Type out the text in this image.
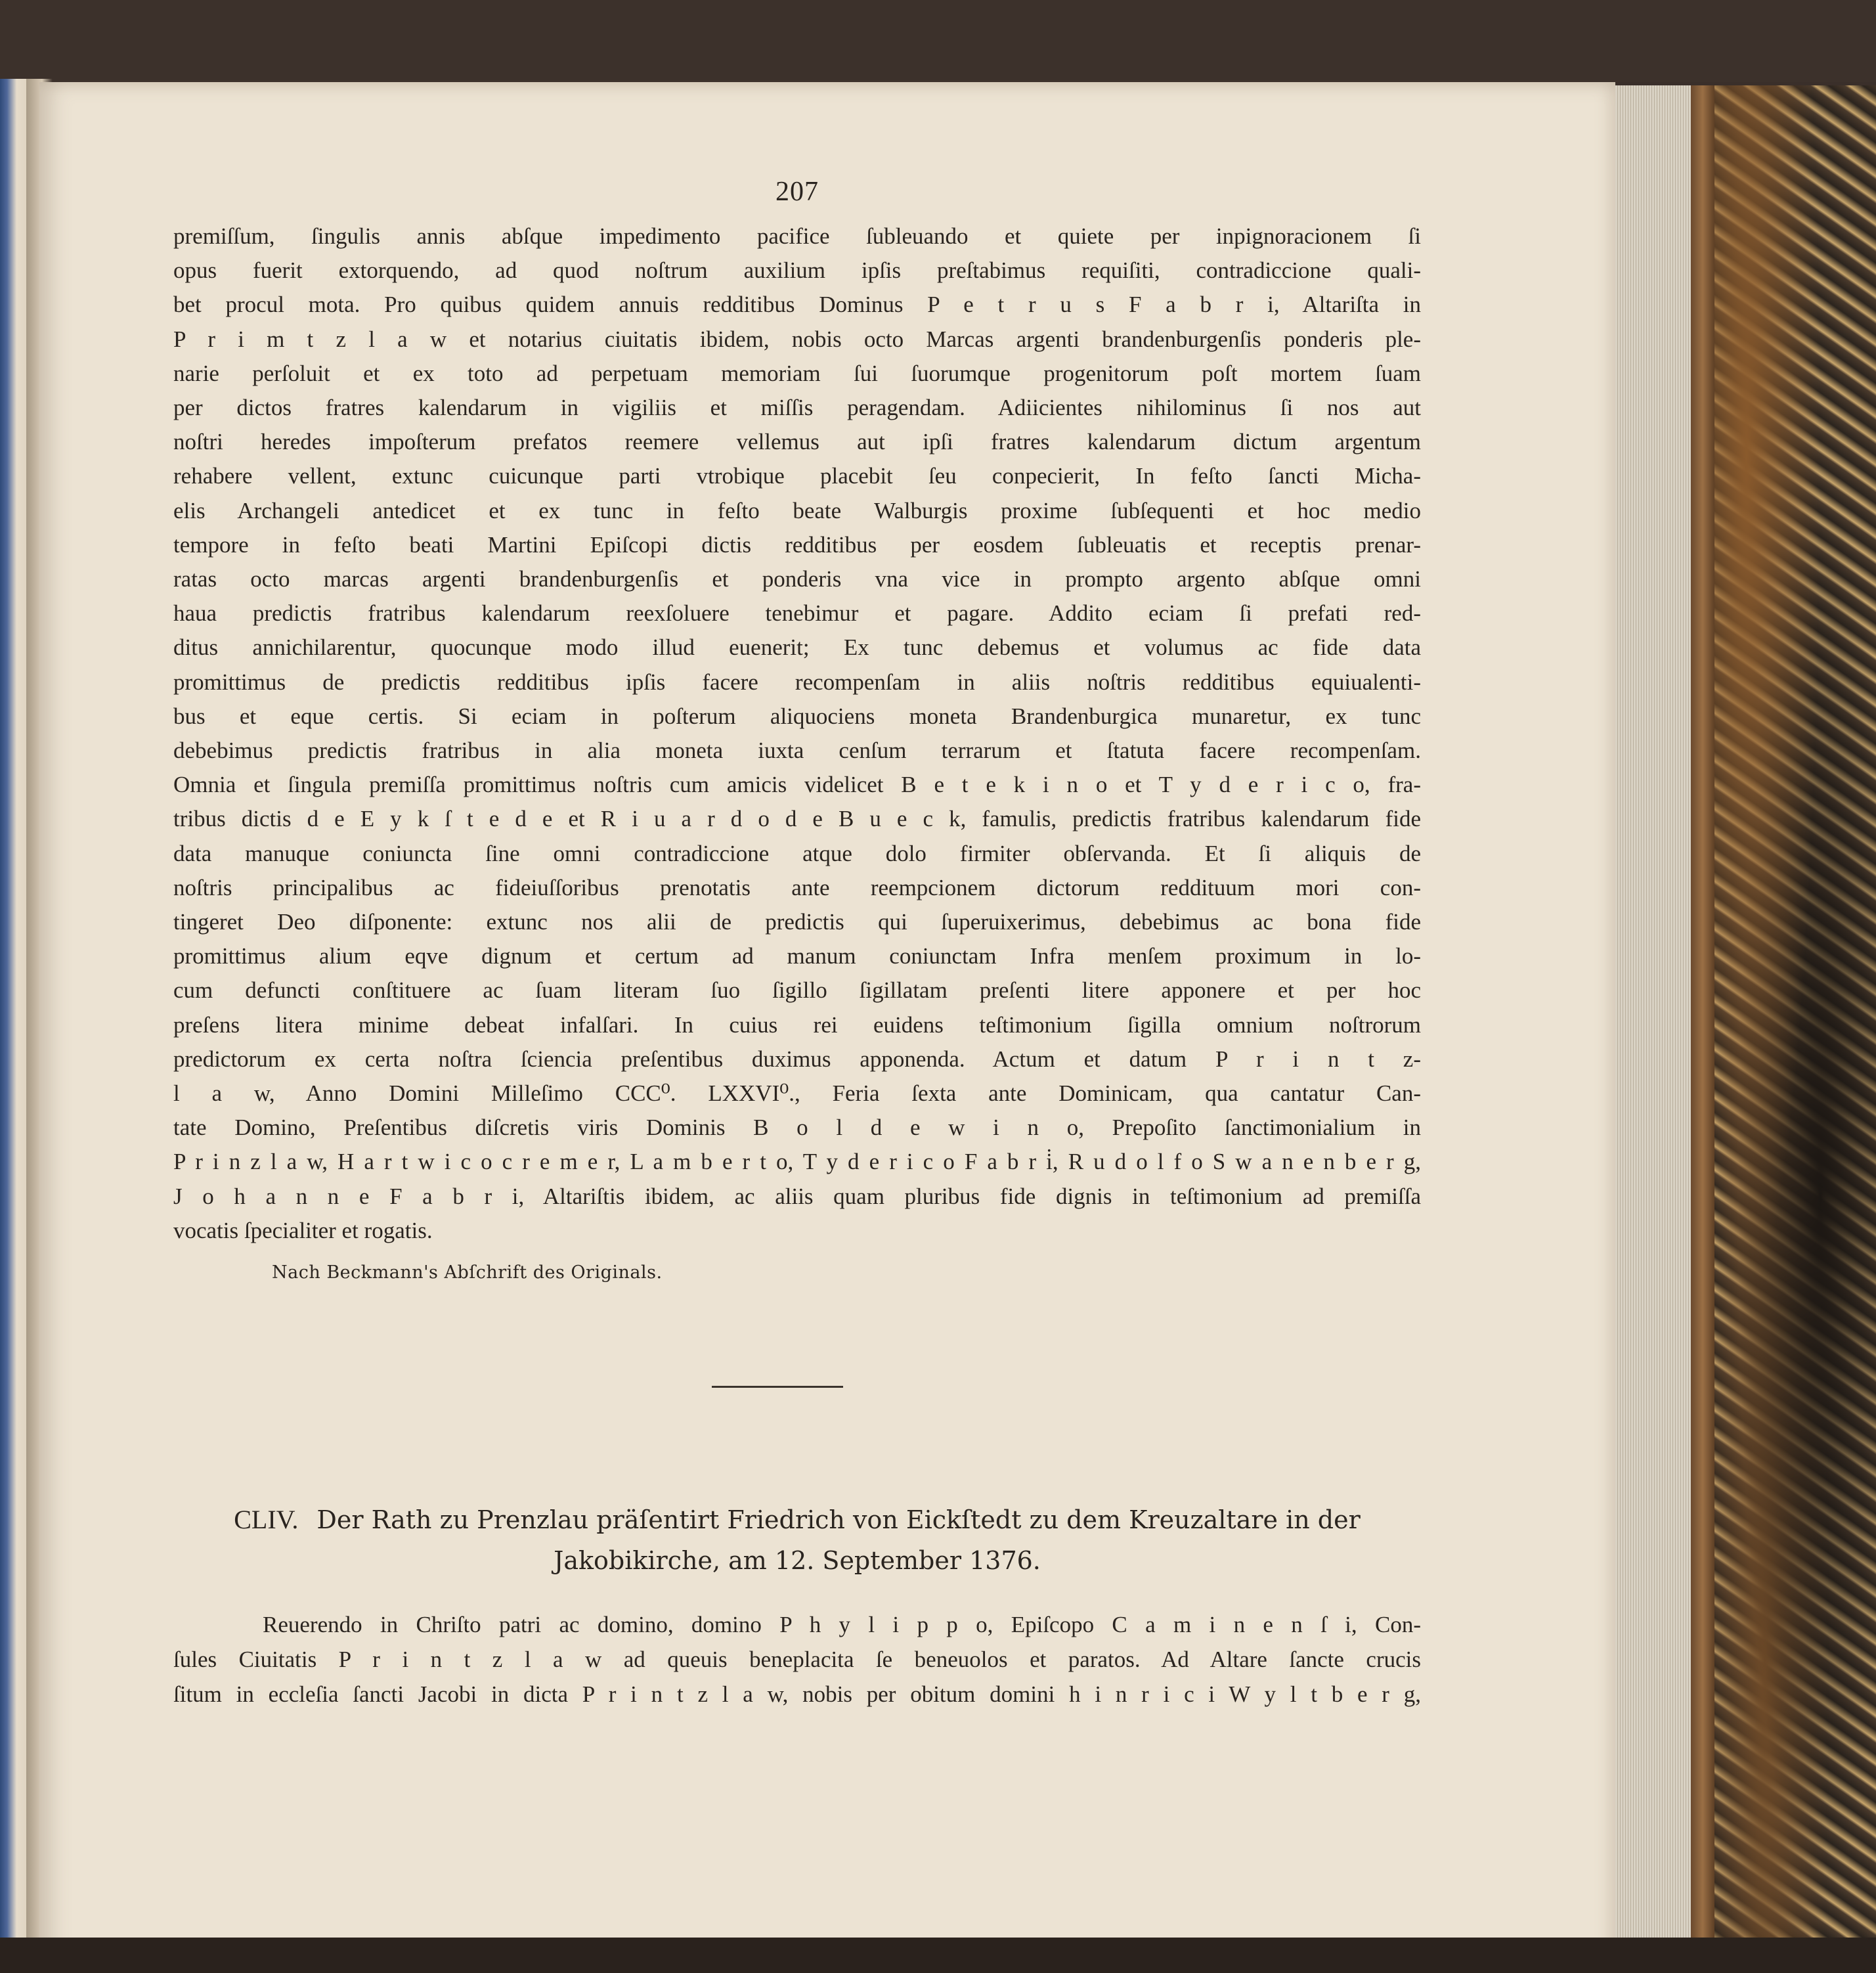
207

premiſſum, ſingulis annis abſque impedimento pacifice ſubleuando et quiete per inpignoracionem ſi

opus fuerit extorquendo, ad quod noſtrum auxilium ipſis preſtabimus requiſiti, contradiccione quali-

bet procul mota. Pro quibus quidem annuis redditibus Dominus P e t r u s F a b r i, Altariſta in

P r i m t z l a w et notarius ciuitatis ibidem, nobis octo Marcas argenti brandenburgenſis ponderis ple-

narie perſoluit et ex toto ad perpetuam memoriam ſui ſuorumque progenitorum poſt mortem ſuam

per dictos fratres kalendarum in vigiliis et miſſis peragendam. Adiicientes nihilominus ſi nos aut

noſtri heredes impoſterum prefatos reemere vellemus aut ipſi fratres kalendarum dictum argentum

rehabere vellent, extunc cuicunque parti vtrobique placebit ſeu conpecierit, In feſto ſancti Micha-

elis Archangeli antedicet et ex tunc in feſto beate Walburgis proxime ſubſequenti et hoc medio

tempore in feſto beati Martini Epiſcopi dictis redditibus per eosdem ſubleuatis et receptis prenar-

ratas octo marcas argenti brandenburgenſis et ponderis vna vice in prompto argento abſque omni

haua predictis fratribus kalendarum reexſoluere tenebimur et pagare. Addito eciam ſi prefati red-

ditus annichilarentur, quocunque modo illud euenerit; Ex tunc debemus et volumus ac fide data

promittimus de predictis redditibus ipſis facere recompenſam in aliis noſtris redditibus equiualenti-

bus et eque certis. Si eciam in poſterum aliquociens moneta Brandenburgica munaretur, ex tunc

debebimus predictis fratribus in alia moneta iuxta cenſum terrarum et ſtatuta facere recompenſam.

Omnia et ſingula premiſſa promittimus noſtris cum amicis videlicet B e t e k i n o et T y d e r i c o, fra-

tribus dictis d e E y k ſ t e d e et R i u a r d o d e B u e c k, famulis, predictis fratribus kalendarum fide

data manuque coniuncta ſine omni contradiccione atque dolo firmiter obſervanda. Et ſi aliquis de

noſtris principalibus ac fideiuſſoribus prenotatis ante reempcionem dictorum reddituum mori con-

tingeret Deo diſponente: extunc nos alii de predictis qui ſuperuixerimus, debebimus ac bona fide

promittimus alium eqve dignum et certum ad manum coniunctam Infra menſem proximum in lo-

cum defuncti conſtituere ac ſuam literam ſuo ſigillo ſigillatam preſenti litere apponere et per hoc

preſens litera minime debeat infalſari. In cuius rei euidens teſtimonium ſigilla omnium noſtrorum

predictorum ex certa noſtra ſciencia preſentibus duximus apponenda. Actum et datum P r i n t z-

l a w, Anno Domini Milleſimo CCC⁰. LXXVI⁰., Feria ſexta ante Dominicam, qua cantatur Can-

tate Domino, Preſentibus diſcretis viris Dominis B o l d e w i n o, Prepoſito ſanctimonialium in

P r i n z l a w, H a r t w i c o c r e m e r, L a m b e r t o, T y d e r i c o F a b r i̇, R u d o l f o S w a n e n b e r g,

J o h a n n e F a b r i, Altariſtis ibidem, ac aliis quam pluribus fide dignis in teſtimonium ad premiſſa

vocatis ſpecialiter et rogatis.

Nach Beckmann's Abſchrift des Originals.
CLIV. Der Rath zu Prenzlau präſentirt Friedrich von Eickſtedt zu dem Kreuzaltare in der
Jakobikirche, am 12. September 1376.

Reuerendo in Chriſto patri ac domino, domino P h y l i p p o, Epiſcopo C a m i n e n ſ i, Con-

ſules Ciuitatis P r i n t z l a w ad queuis beneplacita ſe beneuolos et paratos. Ad Altare ſancte crucis

ſitum in eccleſia ſancti Jacobi in dicta P r i n t z l a w, nobis per obitum domini h i n r i c i W y l t b e r g,
